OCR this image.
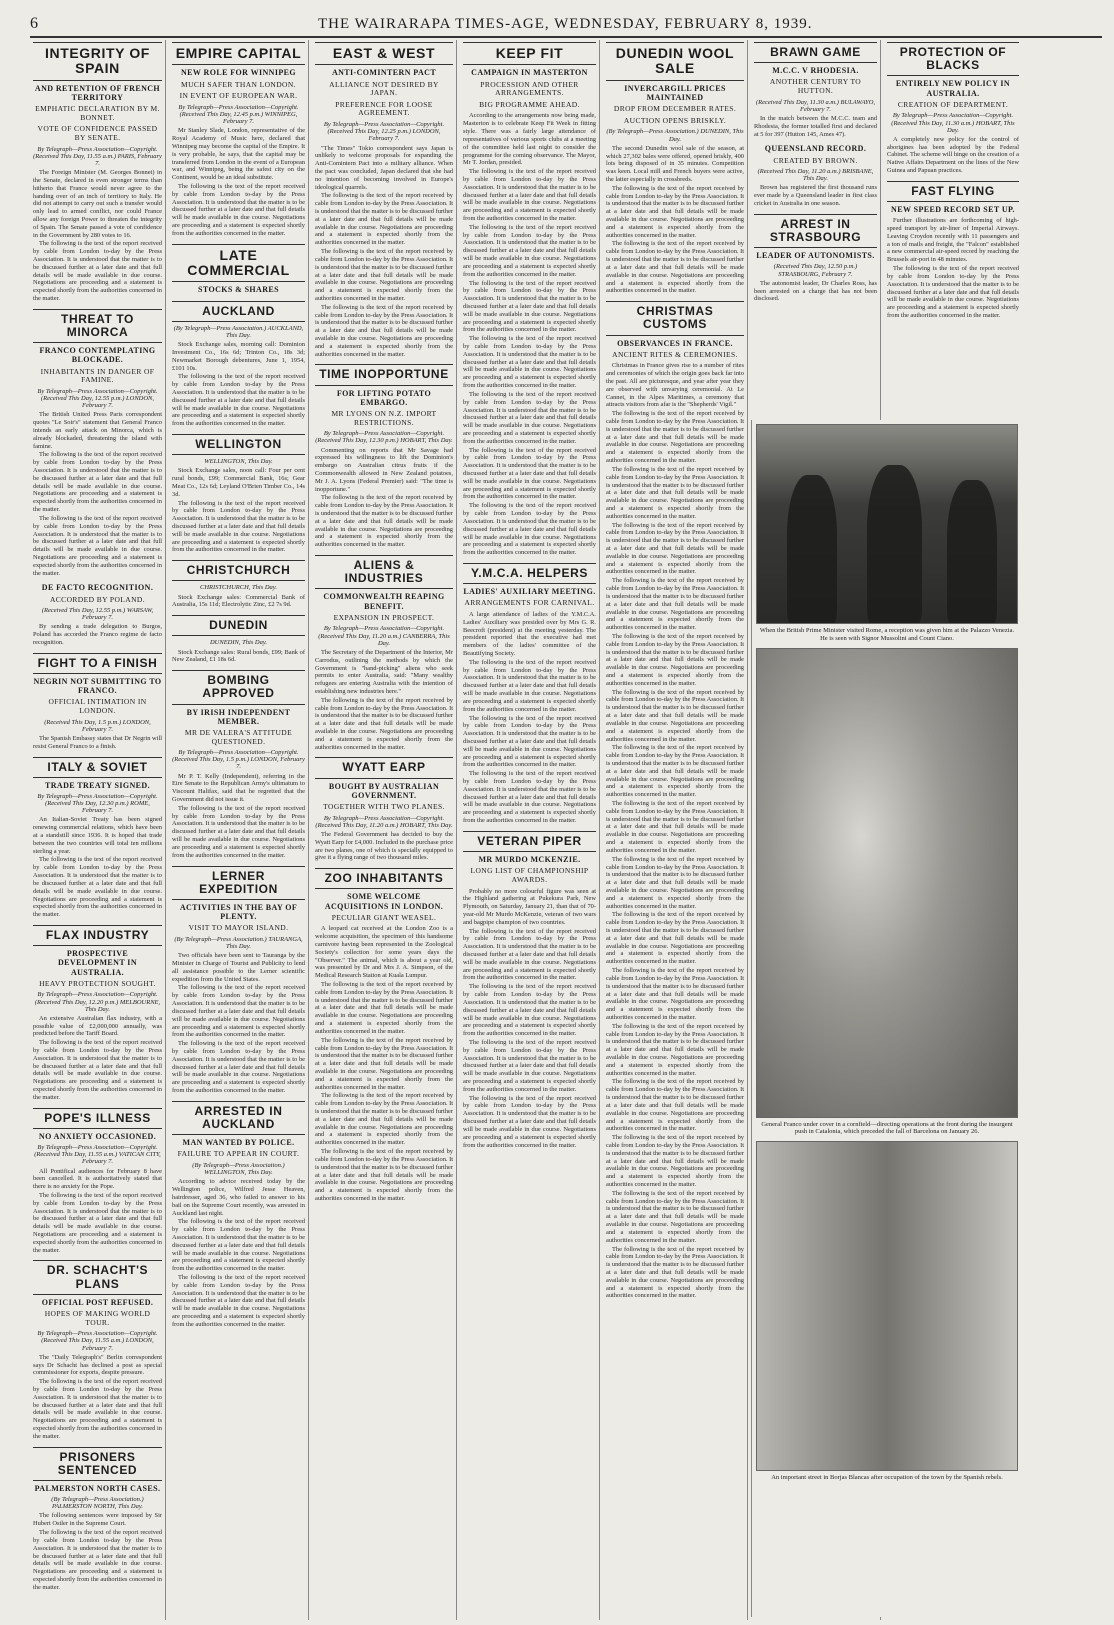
6	THE WAIRARAPA TIMES-AGE, WEDNESDAY, FEBRUARY 8, 1939.
INTEGRITY OF SPAIN
AND RETENTION OF FRENCH TERRITORY
EMPHATIC DECLARATION BY M. BONNET.
VOTE OF CONFIDENCE PASSED BY SENATE.
By Telegraph—Press Association—Copyright. (Received This Day, 11.55 a.m.) PARIS, February 7.

The Foreign Minister (M. Georges Bonnet) in the Senate, declared in even stronger terms than hitherto that France would never agree to the handing over of an inch of territory to Italy. He did not attempt to carry out such a transfer would only lead to armed conflict, nor could France allow any foreign Power to threaten the integrity of Spain. The Senate passed a vote of confidence in the Government by 280 votes to 16.

The following is the text of the report received by cable from London to-day by the Press Association. It is understood that the matter is to be discussed further at a later date and that full details will be made available in due course. Negotiations are proceeding and a statement is expected shortly from the authorities concerned in the matter.

THREAT TO MINORCA
FRANCO CONTEMPLATING BLOCKADE.
INHABITANTS IN DANGER OF FAMINE.
By Telegraph—Press Association—Copyright. (Received This Day, 12.55 p.m.) LONDON, February 7.

The British United Press Paris correspondent quotes "Le Soir's" statement that General Franco intends an early attack on Minorca, which is already blockaded, threatening the island with famine.

The following is the text of the report received by cable from London to-day by the Press Association. It is understood that the matter is to be discussed further at a later date and that full details will be made available in due course. Negotiations are proceeding and a statement is expected shortly from the authorities concerned in the matter.

The following is the text of the report received by cable from London to-day by the Press Association. It is understood that the matter is to be discussed further at a later date and that full details will be made available in due course. Negotiations are proceeding and a statement is expected shortly from the authorities concerned in the matter.

DE FACTO RECOGNITION.
ACCORDED BY POLAND.
(Received This Day, 12.55 p.m.) WARSAW, February 7.

By sending a trade delegation to Burgos, Poland has accorded the Franco regime de facto recognition.

FIGHT TO A FINISH
NEGRIN NOT SUBMITTING TO FRANCO.
OFFICIAL INTIMATION IN LONDON.
(Received This Day, 1.5 p.m.) LONDON, February 7.

The Spanish Embassy states that Dr Negrin will resist General Franco to a finish.

ITALY & SOVIET
TRADE TREATY SIGNED.
By Telegraph—Press Association—Copyright. (Received This Day, 12.30 p.m.) ROME, February 7.

An Italian-Soviet Treaty has been signed renewing commercial relations, which have been at a standstill since 1936. It is hoped that trade between the two countries will total ten millions sterling a year.

The following is the text of the report received by cable from London to-day by the Press Association. It is understood that the matter is to be discussed further at a later date and that full details will be made available in due course. Negotiations are proceeding and a statement is expected shortly from the authorities concerned in the matter.

FLAX INDUSTRY
PROSPECTIVE DEVELOPMENT IN AUSTRALIA.
HEAVY PROTECTION SOUGHT.
By Telegraph—Press Association—Copyright. (Received This Day, 12.20 p.m.) MELBOURNE, This Day.

An extensive Australian flax industry, with a possible value of £2,000,000 annually, was predicted before the Tariff Board.

The following is the text of the report received by cable from London to-day by the Press Association. It is understood that the matter is to be discussed further at a later date and that full details will be made available in due course. Negotiations are proceeding and a statement is expected shortly from the authorities concerned in the matter.

POPE'S ILLNESS
NO ANXIETY OCCASIONED.
By Telegraph—Press Association—Copyright. (Received This Day, 11.55 a.m.) VATICAN CITY, February 7.

All Pontifical audiences for February 8 have been cancelled. It is authoritatively stated that there is no anxiety for the Pope.

The following is the text of the report received by cable from London to-day by the Press Association. It is understood that the matter is to be discussed further at a later date and that full details will be made available in due course. Negotiations are proceeding and a statement is expected shortly from the authorities concerned in the matter.

DR. SCHACHT'S PLANS
OFFICIAL POST REFUSED.
HOPES OF MAKING WORLD TOUR.
By Telegraph—Press Association—Copyright. (Received This Day, 11.55 a.m.) LONDON, February 7.

The "Daily Telegraph's" Berlin correspondent says Dr Schacht has declined a post as special commissioner for exports, despite pressure.

The following is the text of the report received by cable from London to-day by the Press Association. It is understood that the matter is to be discussed further at a later date and that full details will be made available in due course. Negotiations are proceeding and a statement is expected shortly from the authorities concerned in the matter.

PRISONERS SENTENCED
PALMERSTON NORTH CASES.
(By Telegraph—Press Association.) PALMERSTON NORTH, This Day.

The following sentences were imposed by Sir Hubert Ostler in the Supreme Court.

The following is the text of the report received by cable from London to-day by the Press Association. It is understood that the matter is to be discussed further at a later date and that full details will be made available in due course. Negotiations are proceeding and a statement is expected shortly from the authorities concerned in the matter.

EMPIRE CAPITAL
NEW ROLE FOR WINNIPEG
MUCH SAFER THAN LONDON.
IN EVENT OF EUROPEAN WAR.
By Telegraph—Press Association—Copyright. (Received This Day, 12.45 p.m.) WINNIPEG, February 7.

Mr Stanley Slade, London, representative of the Royal Academy of Music here, declared that Winnipeg may become the capital of the Empire. It is very probable, he says, that the capital may be transferred from London in the event of a European war, and Winnipeg, being the safest city on the Continent, would be an ideal substitute.

The following is the text of the report received by cable from London to-day by the Press Association. It is understood that the matter is to be discussed further at a later date and that full details will be made available in due course. Negotiations are proceeding and a statement is expected shortly from the authorities concerned in the matter.

LATE COMMERCIAL
STOCKS & SHARES
AUCKLAND
(By Telegraph—Press Association.) AUCKLAND, This Day.

Stock Exchange sales, morning call: Dominion Investment Co., 16s 6d; Trinton Co., 18s 3d; Newmarket Borough debentures, June 1, 1954, £101 10s.

The following is the text of the report received by cable from London to-day by the Press Association. It is understood that the matter is to be discussed further at a later date and that full details will be made available in due course. Negotiations are proceeding and a statement is expected shortly from the authorities concerned in the matter.

WELLINGTON
WELLINGTON, This Day.

Stock Exchange sales, noon call: Four per cent rural bonds, £99; Commercial Bank, 16s; Gear Meat Co., 12s 6d; Leyland O'Brien Timber Co., 14s 3d.

The following is the text of the report received by cable from London to-day by the Press Association. It is understood that the matter is to be discussed further at a later date and that full details will be made available in due course. Negotiations are proceeding and a statement is expected shortly from the authorities concerned in the matter.

CHRISTCHURCH
CHRISTCHURCH, This Day.

Stock Exchange sales: Commercial Bank of Australia, 15s 11d; Electrolytic Zinc, £2 7s 9d.

DUNEDIN
DUNEDIN, This Day.

Stock Exchange sales: Rural bonds, £99; Bank of New Zealand, £1 18s 6d.

BOMBING APPROVED
BY IRISH INDEPENDENT MEMBER.
MR DE VALERA'S ATTITUDE QUESTIONED.
By Telegraph—Press Association—Copyright. (Received This Day, 1.5 p.m.) LONDON, February 7.

Mr P. T. Kelly (Independent), referring in the Eire Senate to the Republican Army's ultimatum to Viscount Halifax, said that he regretted that the Government did not issue it.

The following is the text of the report received by cable from London to-day by the Press Association. It is understood that the matter is to be discussed further at a later date and that full details will be made available in due course. Negotiations are proceeding and a statement is expected shortly from the authorities concerned in the matter.

LERNER EXPEDITION
ACTIVITIES IN THE BAY OF PLENTY.
VISIT TO MAYOR ISLAND.
(By Telegraph—Press Association.) TAURANGA, This Day.

Two officials have been sent to Tauranga by the Minister in Charge of Tourist and Publicity to lend all assistance possible to the Lerner scientific expedition from the United States.

The following is the text of the report received by cable from London to-day by the Press Association. It is understood that the matter is to be discussed further at a later date and that full details will be made available in due course. Negotiations are proceeding and a statement is expected shortly from the authorities concerned in the matter.

The following is the text of the report received by cable from London to-day by the Press Association. It is understood that the matter is to be discussed further at a later date and that full details will be made available in due course. Negotiations are proceeding and a statement is expected shortly from the authorities concerned in the matter.

ARRESTED IN AUCKLAND
MAN WANTED BY POLICE.
FAILURE TO APPEAR IN COURT.
(By Telegraph—Press Association.) WELLINGTON, This Day.

According to advice received today by the Wellington police, Wilfred Jesse Heaven, hairdresser, aged 36, who failed to answer to his bail on the Supreme Court recently, was arrested in Auckland last night.

The following is the text of the report received by cable from London to-day by the Press Association. It is understood that the matter is to be discussed further at a later date and that full details will be made available in due course. Negotiations are proceeding and a statement is expected shortly from the authorities concerned in the matter.

The following is the text of the report received by cable from London to-day by the Press Association. It is understood that the matter is to be discussed further at a later date and that full details will be made available in due course. Negotiations are proceeding and a statement is expected shortly from the authorities concerned in the matter.

EAST & WEST
ANTI-COMINTERN PACT
ALLIANCE NOT DESIRED BY JAPAN.
PREFERENCE FOR LOOSE AGREEMENT.
By Telegraph—Press Association—Copyright. (Received This Day, 12.25 p.m.) LONDON, February 7.

"The Times" Tokio correspondent says Japan is unlikely to welcome proposals for expanding the Anti-Comintern Pact into a military alliance. When the pact was concluded, Japan declared that she had no intention of becoming involved in Europe's ideological quarrels.

The following is the text of the report received by cable from London to-day by the Press Association. It is understood that the matter is to be discussed further at a later date and that full details will be made available in due course. Negotiations are proceeding and a statement is expected shortly from the authorities concerned in the matter.

The following is the text of the report received by cable from London to-day by the Press Association. It is understood that the matter is to be discussed further at a later date and that full details will be made available in due course. Negotiations are proceeding and a statement is expected shortly from the authorities concerned in the matter.

The following is the text of the report received by cable from London to-day by the Press Association. It is understood that the matter is to be discussed further at a later date and that full details will be made available in due course. Negotiations are proceeding and a statement is expected shortly from the authorities concerned in the matter.

TIME INOPPORTUNE
FOR LIFTING POTATO EMBARGO.
MR LYONS ON N.Z. IMPORT RESTRICTIONS.
By Telegraph—Press Association—Copyright. (Received This Day, 12.30 p.m.) HOBART, This Day.

Commenting on reports that Mr Savage had expressed his willingness to lift the Dominion's embargo on Australian citrus fruits if the Commonwealth allowed in New Zealand potatoes, Mr J. A. Lyons (Federal Premier) said: "The time is inopportune."

The following is the text of the report received by cable from London to-day by the Press Association. It is understood that the matter is to be discussed further at a later date and that full details will be made available in due course. Negotiations are proceeding and a statement is expected shortly from the authorities concerned in the matter.

ALIENS & INDUSTRIES
COMMONWEALTH REAPING BENEFIT.
EXPANSION IN PROSPECT.
By Telegraph—Press Association—Copyright. (Received This Day, 11.20 a.m.) CANBERRA, This Day.

The Secretary of the Department of the Interior, Mr Carrodus, outlining the methods by which the Government is "hand-picking" aliens who seek permits to enter Australia, said: "Many wealthy refugees are entering Australia with the intention of establishing new industries here."

The following is the text of the report received by cable from London to-day by the Press Association. It is understood that the matter is to be discussed further at a later date and that full details will be made available in due course. Negotiations are proceeding and a statement is expected shortly from the authorities concerned in the matter.

WYATT EARP
BOUGHT BY AUSTRALIAN GOVERNMENT.
TOGETHER WITH TWO PLANES.
By Telegraph—Press Association—Copyright. (Received This Day, 11.20 a.m.) HOBART, This Day.

The Federal Government has decided to buy the Wyatt Earp for £4,000. Included in the purchase price are two planes, one of which is specially equipped to give it a flying range of two thousand miles.

ZOO INHABITANTS
SOME WELCOME ACQUISITIONS IN LONDON.
PECULIAR GIANT WEASEL.

A leopard cat received at the London Zoo is a welcome acquisition, the specimen of this handsome carnivore having been represented in the Zoological Society's collection for some years days the "Observer." The animal, which is about a year old, was presented by Dr and Mrs J. A. Simpson, of the Medical Research Station at Kuala Lumpur.

The following is the text of the report received by cable from London to-day by the Press Association. It is understood that the matter is to be discussed further at a later date and that full details will be made available in due course. Negotiations are proceeding and a statement is expected shortly from the authorities concerned in the matter.

The following is the text of the report received by cable from London to-day by the Press Association. It is understood that the matter is to be discussed further at a later date and that full details will be made available in due course. Negotiations are proceeding and a statement is expected shortly from the authorities concerned in the matter.

The following is the text of the report received by cable from London to-day by the Press Association. It is understood that the matter is to be discussed further at a later date and that full details will be made available in due course. Negotiations are proceeding and a statement is expected shortly from the authorities concerned in the matter.

The following is the text of the report received by cable from London to-day by the Press Association. It is understood that the matter is to be discussed further at a later date and that full details will be made available in due course. Negotiations are proceeding and a statement is expected shortly from the authorities concerned in the matter.

KEEP FIT
CAMPAIGN IN MASTERTON
PROCESSION AND OTHER ARRANGEMENTS.
BIG PROGRAMME AHEAD.

According to the arrangements now being made, Masterton is to celebrate Keep Fit Week in fitting style. There was a fairly large attendance of representatives of various sports clubs at a meeting of the committee held last night to consider the programme for the coming observance. The Mayor, Mr T. Jordan, presided.

The following is the text of the report received by cable from London to-day by the Press Association. It is understood that the matter is to be discussed further at a later date and that full details will be made available in due course. Negotiations are proceeding and a statement is expected shortly from the authorities concerned in the matter.

The following is the text of the report received by cable from London to-day by the Press Association. It is understood that the matter is to be discussed further at a later date and that full details will be made available in due course. Negotiations are proceeding and a statement is expected shortly from the authorities concerned in the matter.

The following is the text of the report received by cable from London to-day by the Press Association. It is understood that the matter is to be discussed further at a later date and that full details will be made available in due course. Negotiations are proceeding and a statement is expected shortly from the authorities concerned in the matter.

The following is the text of the report received by cable from London to-day by the Press Association. It is understood that the matter is to be discussed further at a later date and that full details will be made available in due course. Negotiations are proceeding and a statement is expected shortly from the authorities concerned in the matter.

The following is the text of the report received by cable from London to-day by the Press Association. It is understood that the matter is to be discussed further at a later date and that full details will be made available in due course. Negotiations are proceeding and a statement is expected shortly from the authorities concerned in the matter.

The following is the text of the report received by cable from London to-day by the Press Association. It is understood that the matter is to be discussed further at a later date and that full details will be made available in due course. Negotiations are proceeding and a statement is expected shortly from the authorities concerned in the matter.

The following is the text of the report received by cable from London to-day by the Press Association. It is understood that the matter is to be discussed further at a later date and that full details will be made available in due course. Negotiations are proceeding and a statement is expected shortly from the authorities concerned in the matter.

Y.M.C.A. HELPERS
LADIES' AUXILIARY MEETING.
ARRANGEMENTS FOR CARNIVAL.

A large attendance of ladies of the Y.M.C.A. Ladies' Auxiliary was presided over by Mrs G. R. Beecroft (president) at the meeting yesterday. The president reported that the executive had met members of the ladies' committee of the Beautifying Society.

The following is the text of the report received by cable from London to-day by the Press Association. It is understood that the matter is to be discussed further at a later date and that full details will be made available in due course. Negotiations are proceeding and a statement is expected shortly from the authorities concerned in the matter.

The following is the text of the report received by cable from London to-day by the Press Association. It is understood that the matter is to be discussed further at a later date and that full details will be made available in due course. Negotiations are proceeding and a statement is expected shortly from the authorities concerned in the matter.

The following is the text of the report received by cable from London to-day by the Press Association. It is understood that the matter is to be discussed further at a later date and that full details will be made available in due course. Negotiations are proceeding and a statement is expected shortly from the authorities concerned in the matter.

VETERAN PIPER
MR MURDO MCKENZIE.
LONG LIST OF CHAMPIONSHIP AWARDS.

Probably no more colourful figure was seen at the Highland gathering at Pukekura Park, New Plymouth, on Saturday, January 21, than that of 70-year-old Mr Murdo McKenzie, veteran of two wars and bagpipe champion of two countries.

The following is the text of the report received by cable from London to-day by the Press Association. It is understood that the matter is to be discussed further at a later date and that full details will be made available in due course. Negotiations are proceeding and a statement is expected shortly from the authorities concerned in the matter.

The following is the text of the report received by cable from London to-day by the Press Association. It is understood that the matter is to be discussed further at a later date and that full details will be made available in due course. Negotiations are proceeding and a statement is expected shortly from the authorities concerned in the matter.

The following is the text of the report received by cable from London to-day by the Press Association. It is understood that the matter is to be discussed further at a later date and that full details will be made available in due course. Negotiations are proceeding and a statement is expected shortly from the authorities concerned in the matter.

The following is the text of the report received by cable from London to-day by the Press Association. It is understood that the matter is to be discussed further at a later date and that full details will be made available in due course. Negotiations are proceeding and a statement is expected shortly from the authorities concerned in the matter.

DUNEDIN WOOL SALE
INVERCARGILL PRICES MAINTAINED
DROP FROM DECEMBER RATES.
AUCTION OPENS BRISKLY.
(By Telegraph—Press Association.) DUNEDIN, This Day.

The second Dunedin wool sale of the season, at which 27,302 bales were offered, opened briskly, 400 lots being disposed of in 35 minutes. Competition was keen. Local mill and French buyers were active, the latter especially in crossbreds.

The following is the text of the report received by cable from London to-day by the Press Association. It is understood that the matter is to be discussed further at a later date and that full details will be made available in due course. Negotiations are proceeding and a statement is expected shortly from the authorities concerned in the matter.

The following is the text of the report received by cable from London to-day by the Press Association. It is understood that the matter is to be discussed further at a later date and that full details will be made available in due course. Negotiations are proceeding and a statement is expected shortly from the authorities concerned in the matter.

CHRISTMAS CUSTOMS
OBSERVANCES IN FRANCE.
ANCIENT RITES & CEREMONIES.

Christmas in France gives rise to a number of rites and ceremonies of which the origin goes back far into the past. All are picturesque, and year after year they are observed with unvarying ceremonial. At Le Cannet, in the Alpes Maritimes, a ceremony that attracts visitors from afar is the "Shepherds' Vigil."

The following is the text of the report received by cable from London to-day by the Press Association. It is understood that the matter is to be discussed further at a later date and that full details will be made available in due course. Negotiations are proceeding and a statement is expected shortly from the authorities concerned in the matter.

The following is the text of the report received by cable from London to-day by the Press Association. It is understood that the matter is to be discussed further at a later date and that full details will be made available in due course. Negotiations are proceeding and a statement is expected shortly from the authorities concerned in the matter.

The following is the text of the report received by cable from London to-day by the Press Association. It is understood that the matter is to be discussed further at a later date and that full details will be made available in due course. Negotiations are proceeding and a statement is expected shortly from the authorities concerned in the matter.

The following is the text of the report received by cable from London to-day by the Press Association. It is understood that the matter is to be discussed further at a later date and that full details will be made available in due course. Negotiations are proceeding and a statement is expected shortly from the authorities concerned in the matter.

The following is the text of the report received by cable from London to-day by the Press Association. It is understood that the matter is to be discussed further at a later date and that full details will be made available in due course. Negotiations are proceeding and a statement is expected shortly from the authorities concerned in the matter.

The following is the text of the report received by cable from London to-day by the Press Association. It is understood that the matter is to be discussed further at a later date and that full details will be made available in due course. Negotiations are proceeding and a statement is expected shortly from the authorities concerned in the matter.

The following is the text of the report received by cable from London to-day by the Press Association. It is understood that the matter is to be discussed further at a later date and that full details will be made available in due course. Negotiations are proceeding and a statement is expected shortly from the authorities concerned in the matter.

The following is the text of the report received by cable from London to-day by the Press Association. It is understood that the matter is to be discussed further at a later date and that full details will be made available in due course. Negotiations are proceeding and a statement is expected shortly from the authorities concerned in the matter.

The following is the text of the report received by cable from London to-day by the Press Association. It is understood that the matter is to be discussed further at a later date and that full details will be made available in due course. Negotiations are proceeding and a statement is expected shortly from the authorities concerned in the matter.

The following is the text of the report received by cable from London to-day by the Press Association. It is understood that the matter is to be discussed further at a later date and that full details will be made available in due course. Negotiations are proceeding and a statement is expected shortly from the authorities concerned in the matter.

The following is the text of the report received by cable from London to-day by the Press Association. It is understood that the matter is to be discussed further at a later date and that full details will be made available in due course. Negotiations are proceeding and a statement is expected shortly from the authorities concerned in the matter.

The following is the text of the report received by cable from London to-day by the Press Association. It is understood that the matter is to be discussed further at a later date and that full details will be made available in due course. Negotiations are proceeding and a statement is expected shortly from the authorities concerned in the matter.

The following is the text of the report received by cable from London to-day by the Press Association. It is understood that the matter is to be discussed further at a later date and that full details will be made available in due course. Negotiations are proceeding and a statement is expected shortly from the authorities concerned in the matter.

The following is the text of the report received by cable from London to-day by the Press Association. It is understood that the matter is to be discussed further at a later date and that full details will be made available in due course. Negotiations are proceeding and a statement is expected shortly from the authorities concerned in the matter.

The following is the text of the report received by cable from London to-day by the Press Association. It is understood that the matter is to be discussed further at a later date and that full details will be made available in due course. Negotiations are proceeding and a statement is expected shortly from the authorities concerned in the matter.

The following is the text of the report received by cable from London to-day by the Press Association. It is understood that the matter is to be discussed further at a later date and that full details will be made available in due course. Negotiations are proceeding and a statement is expected shortly from the authorities concerned in the matter.

BRAWN GAME
M.C.C. V RHODESIA.
ANOTHER CENTURY TO HUTTON.
(Received This Day, 11.30 a.m.) BULAWAYO, February 7.

In the match between the M.C.C. team and Rhodesia, the former totalled first and declared at 5 for 397 (Hutton 145, Ames 47).

QUEENSLAND RECORD.
CREATED BY BROWN.
(Received This Day, 11.20 a.m.) BRISBANE, This Day.

Brown has registered the first thousand runs ever made by a Queensland leader in first class cricket in Australia in one season.

ARREST IN STRASBOURG
LEADER OF AUTONOMISTS.
(Received This Day, 12.50 p.m.) STRASBOURG, February 7.

The autonomist leader, Dr Charles Ross, has been arrested on a charge that has not been disclosed.

PROTECTION OF BLACKS
ENTIRELY NEW POLICY IN AUSTRALIA.
CREATION OF DEPARTMENT.
By Telegraph—Press Association—Copyright. (Received This Day, 11.30 a.m.) HOBART, This Day.

A completely new policy for the control of aborigines has been adopted by the Federal Cabinet. The scheme will hinge on the creation of a Native Affairs Department on the lines of the New Guinea and Papuan practices.

FAST FLYING
NEW SPEED RECORD SET UP.

Further illustrations are forthcoming of high-speed transport by air-liner of Imperial Airways. Leaving Croydon recently with 11 passengers and a ton of mails and freight, the "Falcon" established a new commercial air-speed record by reaching the Brussels air-port in 48 minutes.

The following is the text of the report received by cable from London to-day by the Press Association. It is understood that the matter is to be discussed further at a later date and that full details will be made available in due course. Negotiations are proceeding and a statement is expected shortly from the authorities concerned in the matter.

When the British Prime Minister visited Rome, a reception was given him at the Palazzo Venezia. He is seen with Signor Mussolini and Count Ciano.
General Franco under cover in a cornfield—directing operations at the front during the insurgent push in Catalonia, which preceded the fall of Barcelona on January 26.
An important street in Borjas Blancas after occupation of the town by the Spanish rebels.
